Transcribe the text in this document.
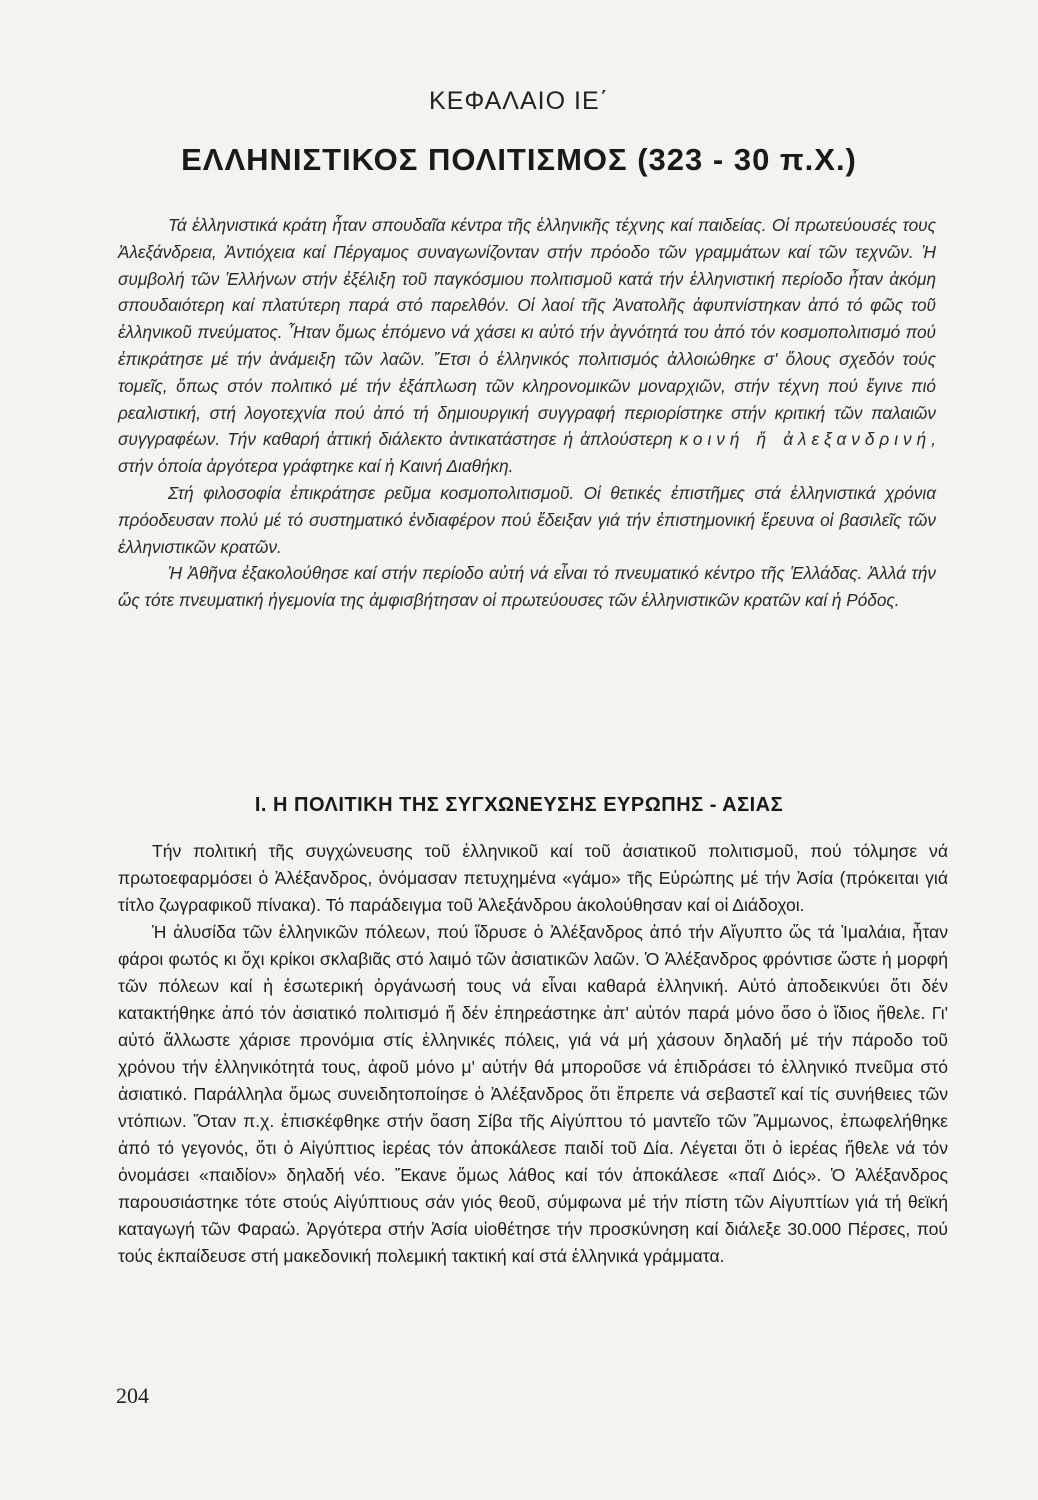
ΚΕΦΑΛΑΙΟ ΙΕ΄
ΕΛΛΗΝΙΣΤΙΚΟΣ ΠΟΛΙΤΙΣΜΟΣ (323 - 30 π.Χ.)

Τά ἑλληνιστικά κράτη ἦταν σπουδαῖα κέντρα τῆς ἑλληνικῆς τέχνης καί παιδείας. Οἱ πρωτεύουσές τους Ἀλεξάνδρεια, Ἀντιόχεια καί Πέργαμος συναγωνίζονταν στήν πρόοδο τῶν γραμμάτων καί τῶν τεχνῶν. Ἡ συμβολή τῶν Ἑλλήνων στήν ἐξέλιξη τοῦ παγκόσμιου πολιτισμοῦ κατά τήν ἑλληνιστική περίοδο ἦταν ἀκόμη σπουδαιότερη καί πλατύτερη παρά στό παρελθόν. Οἱ λαοί τῆς Ἀνατολῆς ἀφυπνίστηκαν ἀπό τό φῶς τοῦ ἑλληνικοῦ πνεύματος. Ἦταν ὅμως ἑπόμενο νά χάσει κι αὐτό τήν ἁγνότητά του ἀπό τόν κοσμοπολιτισμό πού ἐπικράτησε μέ τήν ἀνάμειξη τῶν λαῶν. Ἔτσι ὁ ἑλληνικός πολιτισμός ἀλλοιώθηκε σ' ὅλους σχεδόν τούς τομεῖς, ὅπως στόν πολιτικό μέ τήν ἐξάπλωση τῶν κληρονομικῶν μοναρχιῶν, στήν τέχνη πού ἔγινε πιό ρεαλιστική, στή λογοτεχνία πού ἀπό τή δημιουργική συγγραφή περιορίστηκε στήν κριτική τῶν παλαιῶν συγγραφέων. Τήν καθαρή ἀττική διάλεκτο ἀντικατάστησε ἡ ἁπλούστερη κοινή ἤ ἀλεξανδρινή, στήν ὁποία ἀργότερα γράφτηκε καί ἡ Καινή Διαθήκη.

Στή φιλοσοφία ἐπικράτησε ρεῦμα κοσμοπολιτισμοῦ. Οἱ θετικές ἐπιστῆμες στά ἑλληνιστικά χρόνια πρόοδευσαν πολύ μέ τό συστηματικό ἐνδιαφέρον πού ἔδειξαν γιά τήν ἐπιστημονική ἔρευνα οἱ βασιλεῖς τῶν ἑλληνιστικῶν κρατῶν.

Ἡ Ἀθῆνα ἐξακολούθησε καί στήν περίοδο αὐτή νά εἶναι τό πνευματικό κέντρο τῆς Ἑλλάδας. Ἀλλά τήν ὥς τότε πνευματική ἡγεμονία της ἀμφισβήτησαν οἱ πρωτεύουσες τῶν ἑλληνιστικῶν κρατῶν καί ἡ Ρόδος.

Ι. Η ΠΟΛΙΤΙΚΗ ΤΗΣ ΣΥΓΧΩΝΕΥΣΗΣ ΕΥΡΩΠΗΣ - ΑΣΙΑΣ

Τήν πολιτική τῆς συγχώνευσης τοῦ ἑλληνικοῦ καί τοῦ ἀσιατικοῦ πολιτισμοῦ, πού τόλμησε νά πρωτοεφαρμόσει ὁ Ἀλέξανδρος, ὀνόμασαν πετυχημένα «γάμο» τῆς Εὐρώπης μέ τήν Ἀσία (πρόκειται γιά τίτλο ζωγραφικοῦ πίνακα). Τό παράδειγμα τοῦ Ἀλεξάνδρου ἀκολούθησαν καί οἱ Διάδοχοι.

Ἡ ἀλυσίδα τῶν ἑλληνικῶν πόλεων, πού ἵδρυσε ὁ Ἀλέξανδρος ἀπό τήν Αἴγυπτο ὥς τά Ἰμαλάια, ἦταν φάροι φωτός κι ὄχι κρίκοι σκλαβιᾶς στό λαιμό τῶν ἀσιατικῶν λαῶν. Ὁ Ἀλέξανδρος φρόντισε ὥστε ἡ μορφή τῶν πόλεων καί ἡ ἐσωτερική ὀργάνωσή τους νά εἶναι καθαρά ἑλληνική. Αὐτό ἀποδεικνύει ὅτι δέν κατακτήθηκε ἀπό τόν ἀσιατικό πολιτισμό ἤ δέν ἐπηρεάστηκε ἀπ' αὐτόν παρά μόνο ὅσο ὁ ἴδιος ἤθελε. Γι' αὐτό ἄλλωστε χάρισε προνόμια στίς ἑλληνικές πόλεις, γιά νά μή χάσουν δηλαδή μέ τήν πάροδο τοῦ χρόνου τήν ἑλληνικότητά τους, ἀφοῦ μόνο μ' αὐτήν θά μποροῦσε νά ἐπιδράσει τό ἑλληνικό πνεῦμα στό ἀσιατικό. Παράλληλα ὅμως συνειδητοποίησε ὁ Ἀλέξανδρος ὅτι ἔπρεπε νά σεβαστεῖ καί τίς συνήθειες τῶν ντόπιων. Ὅταν π.χ. ἐπισκέφθηκε στήν ὄαση Σίβα τῆς Αἰγύπτου τό μαντεῖο τῶν Ἄμμωνος, ἐπωφελήθηκε ἀπό τό γεγονός, ὅτι ὁ Αἰγύπτιος ἱερέας τόν ἀποκάλεσε παιδί τοῦ Δία. Λέγεται ὅτι ὁ ἱερέας ἤθελε νά τόν ὀνομάσει «παιδίον» δηλαδή νέο. Ἔκανε ὅμως λάθος καί τόν ἀποκάλεσε «παῖ Διός». Ὁ Ἀλέξανδρος παρουσιάστηκε τότε στούς Αἰγύπτιους σάν γιός θεοῦ, σύμφωνα μέ τήν πίστη τῶν Αἰγυπτίων γιά τή θεϊκή καταγωγή τῶν Φαραώ. Ἀργότερα στήν Ἀσία υἱοθέτησε τήν προσκύνηση καί διάλεξε 30.000 Πέρσες, πού τούς ἐκπαίδευσε στή μακεδονική πολεμική τακτική καί στά ἑλληνικά γράμματα.

204
